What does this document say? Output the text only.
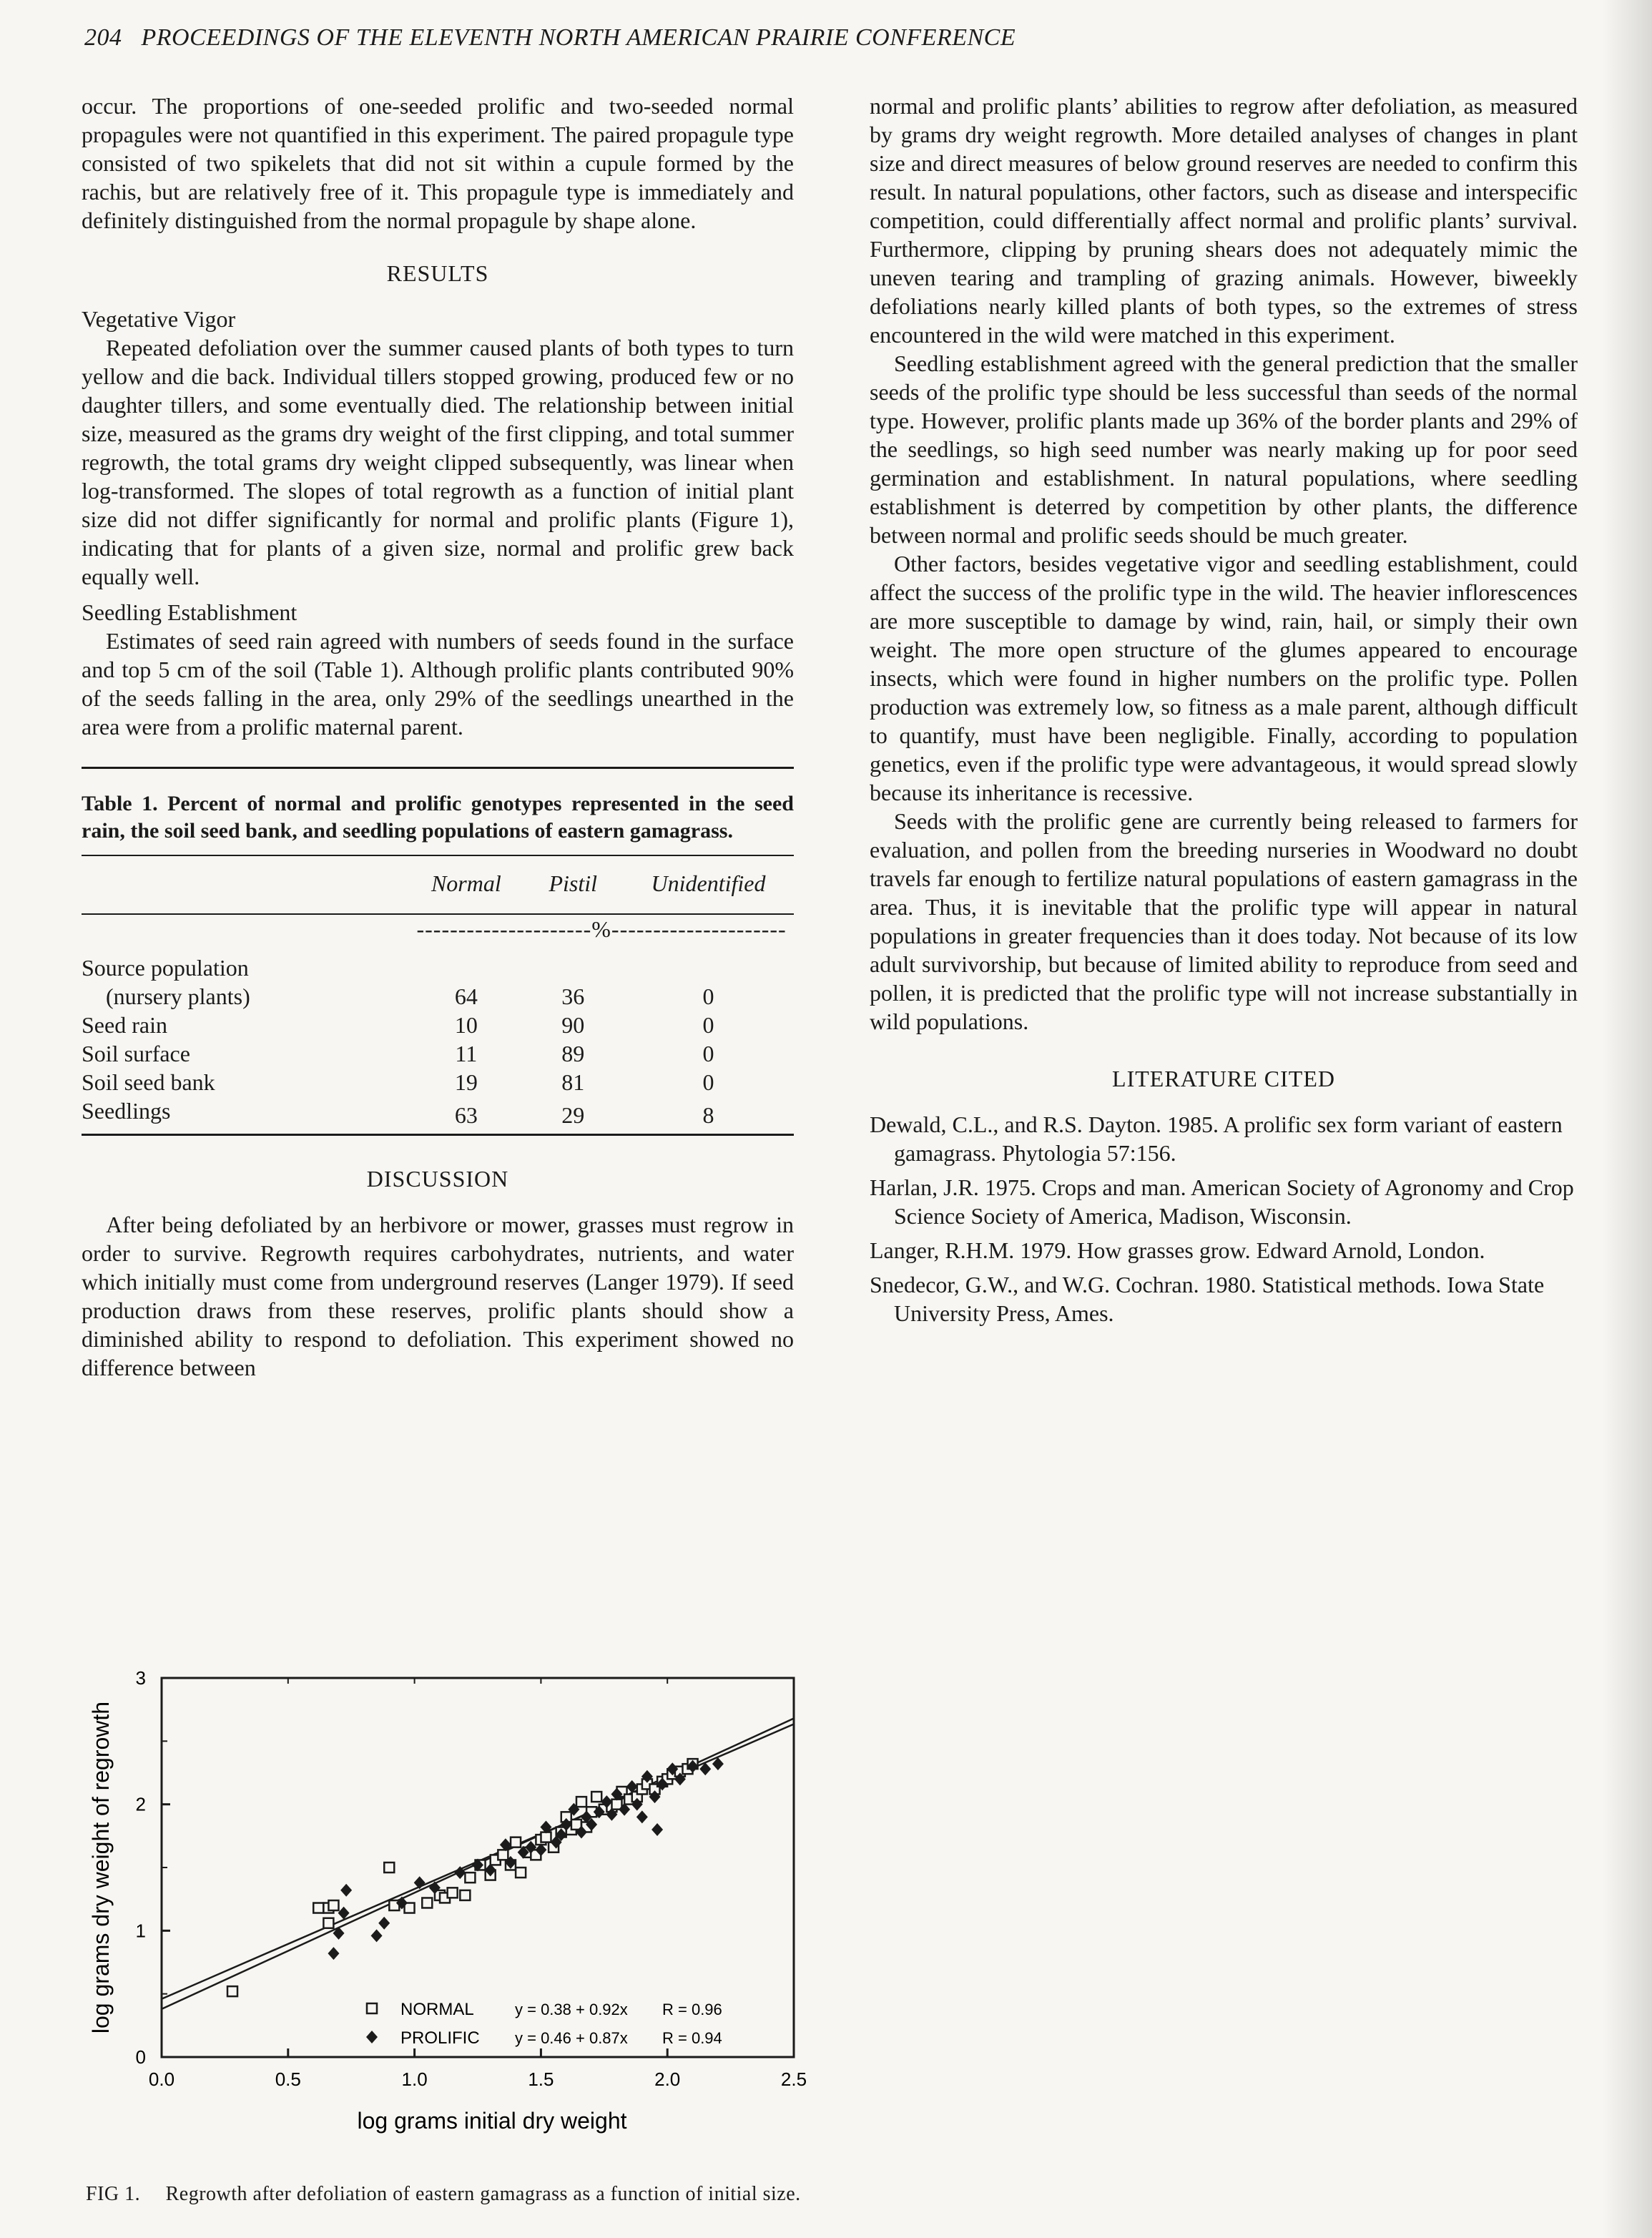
204 PROCEEDINGS OF THE ELEVENTH NORTH AMERICAN PRAIRIE CONFERENCE

occur. The proportions of one-seeded prolific and two-seeded normal propagules were not quantified in this experiment. The paired propagule type consisted of two spikelets that did not sit within a cupule formed by the rachis, but are relatively free of it. This propagule type is immediately and definitely distinguished from the normal propagule by shape alone.

RESULTS

Vegetative Vigor

Repeated defoliation over the summer caused plants of both types to turn yellow and die back. Individual tillers stopped growing, produced few or no daughter tillers, and some eventually died. The relationship between initial size, measured as the grams dry weight of the first clipping, and total summer regrowth, the total grams dry weight clipped subsequently, was linear when log-transformed. The slopes of total regrowth as a function of initial plant size did not differ significantly for normal and prolific plants (Figure 1), indicating that for plants of a given size, normal and prolific grew back equally well.

Seedling Establishment

Estimates of seed rain agreed with numbers of seeds found in the surface and top 5 cm of the soil (Table 1). Although prolific plants contributed 90% of the seeds falling in the area, only 29% of the seedlings unearthed in the area were from a prolific maternal parent.

Table 1. Percent of normal and prolific genotypes represented in the seed rain, the soil seed bank, and seedling populations of eastern gamagrass.
	Normal	Pistil	Unidentified

	---------------------%---------------------		
Source population			
(nursery plants)	64	36	0
Seed rain	10	90	0
Soil surface	11	89	0
Soil seed bank	19	81	0
Seedlings	63	29	8

DISCUSSION

After being defoliated by an herbivore or mower, grasses must regrow in order to survive. Regrowth requires carbohydrates, nutrients, and water which initially must come from underground reserves (Langer 1979). If seed production draws from these reserves, prolific plants should show a diminished ability to respond to defoliation. This experiment showed no difference between

normal and prolific plants’ abilities to regrow after defoliation, as measured by grams dry weight regrowth. More detailed analyses of changes in plant size and direct measures of below ground reserves are needed to confirm this result. In natural populations, other factors, such as disease and interspecific competition, could differentially affect normal and prolific plants’ survival. Furthermore, clipping by pruning shears does not adequately mimic the uneven tearing and trampling of grazing animals. However, biweekly defoliations nearly killed plants of both types, so the extremes of stress encountered in the wild were matched in this experiment.

Seedling establishment agreed with the general prediction that the smaller seeds of the prolific type should be less successful than seeds of the normal type. However, prolific plants made up 36% of the border plants and 29% of the seedlings, so high seed number was nearly making up for poor seed germination and establishment. In natural populations, where seedling establishment is deterred by competition by other plants, the difference between normal and prolific seeds should be much greater.

Other factors, besides vegetative vigor and seedling establishment, could affect the success of the prolific type in the wild. The heavier inflorescences are more susceptible to damage by wind, rain, hail, or simply their own weight. The more open structure of the glumes appeared to encourage insects, which were found in higher numbers on the prolific type. Pollen production was extremely low, so fitness as a male parent, although difficult to quantify, must have been negligible. Finally, according to population genetics, even if the prolific type were advantageous, it would spread slowly because its inheritance is recessive.

Seeds with the prolific gene are currently being released to farmers for evaluation, and pollen from the breeding nurseries in Woodward no doubt travels far enough to fertilize natural populations of eastern gamagrass in the area. Thus, it is inevitable that the prolific type will appear in natural populations in greater frequencies than it does today. Not because of its low adult survivorship, but because of limited ability to reproduce from seed and pollen, it is predicted that the prolific type will not increase substantially in wild populations.

LITERATURE CITED

Dewald, C.L., and R.S. Dayton. 1985. A prolific sex form variant of eastern gamagrass. Phytologia 57:156.

Harlan, J.R. 1975. Crops and man. American Society of Agronomy and Crop Science Society of America, Madison, Wisconsin.

Langer, R.H.M. 1979. How grasses grow. Edward Arnold, London.

Snedecor, G.W., and W.G. Cochran. 1980. Statistical methods. Iowa State University Press, Ames.

0.0	0.5	1.0	1.5	2.0	2.5
0
1
2
3
NORMAL
PROLIFIC
y = 0.38 + 0.92x
y = 0.46 + 0.87x
R = 0.96
R = 0.94
log grams initial dry weight
log grams dry weight of regrowth
FIG 1. Regrowth after defoliation of eastern gamagrass as a function of initial size.
